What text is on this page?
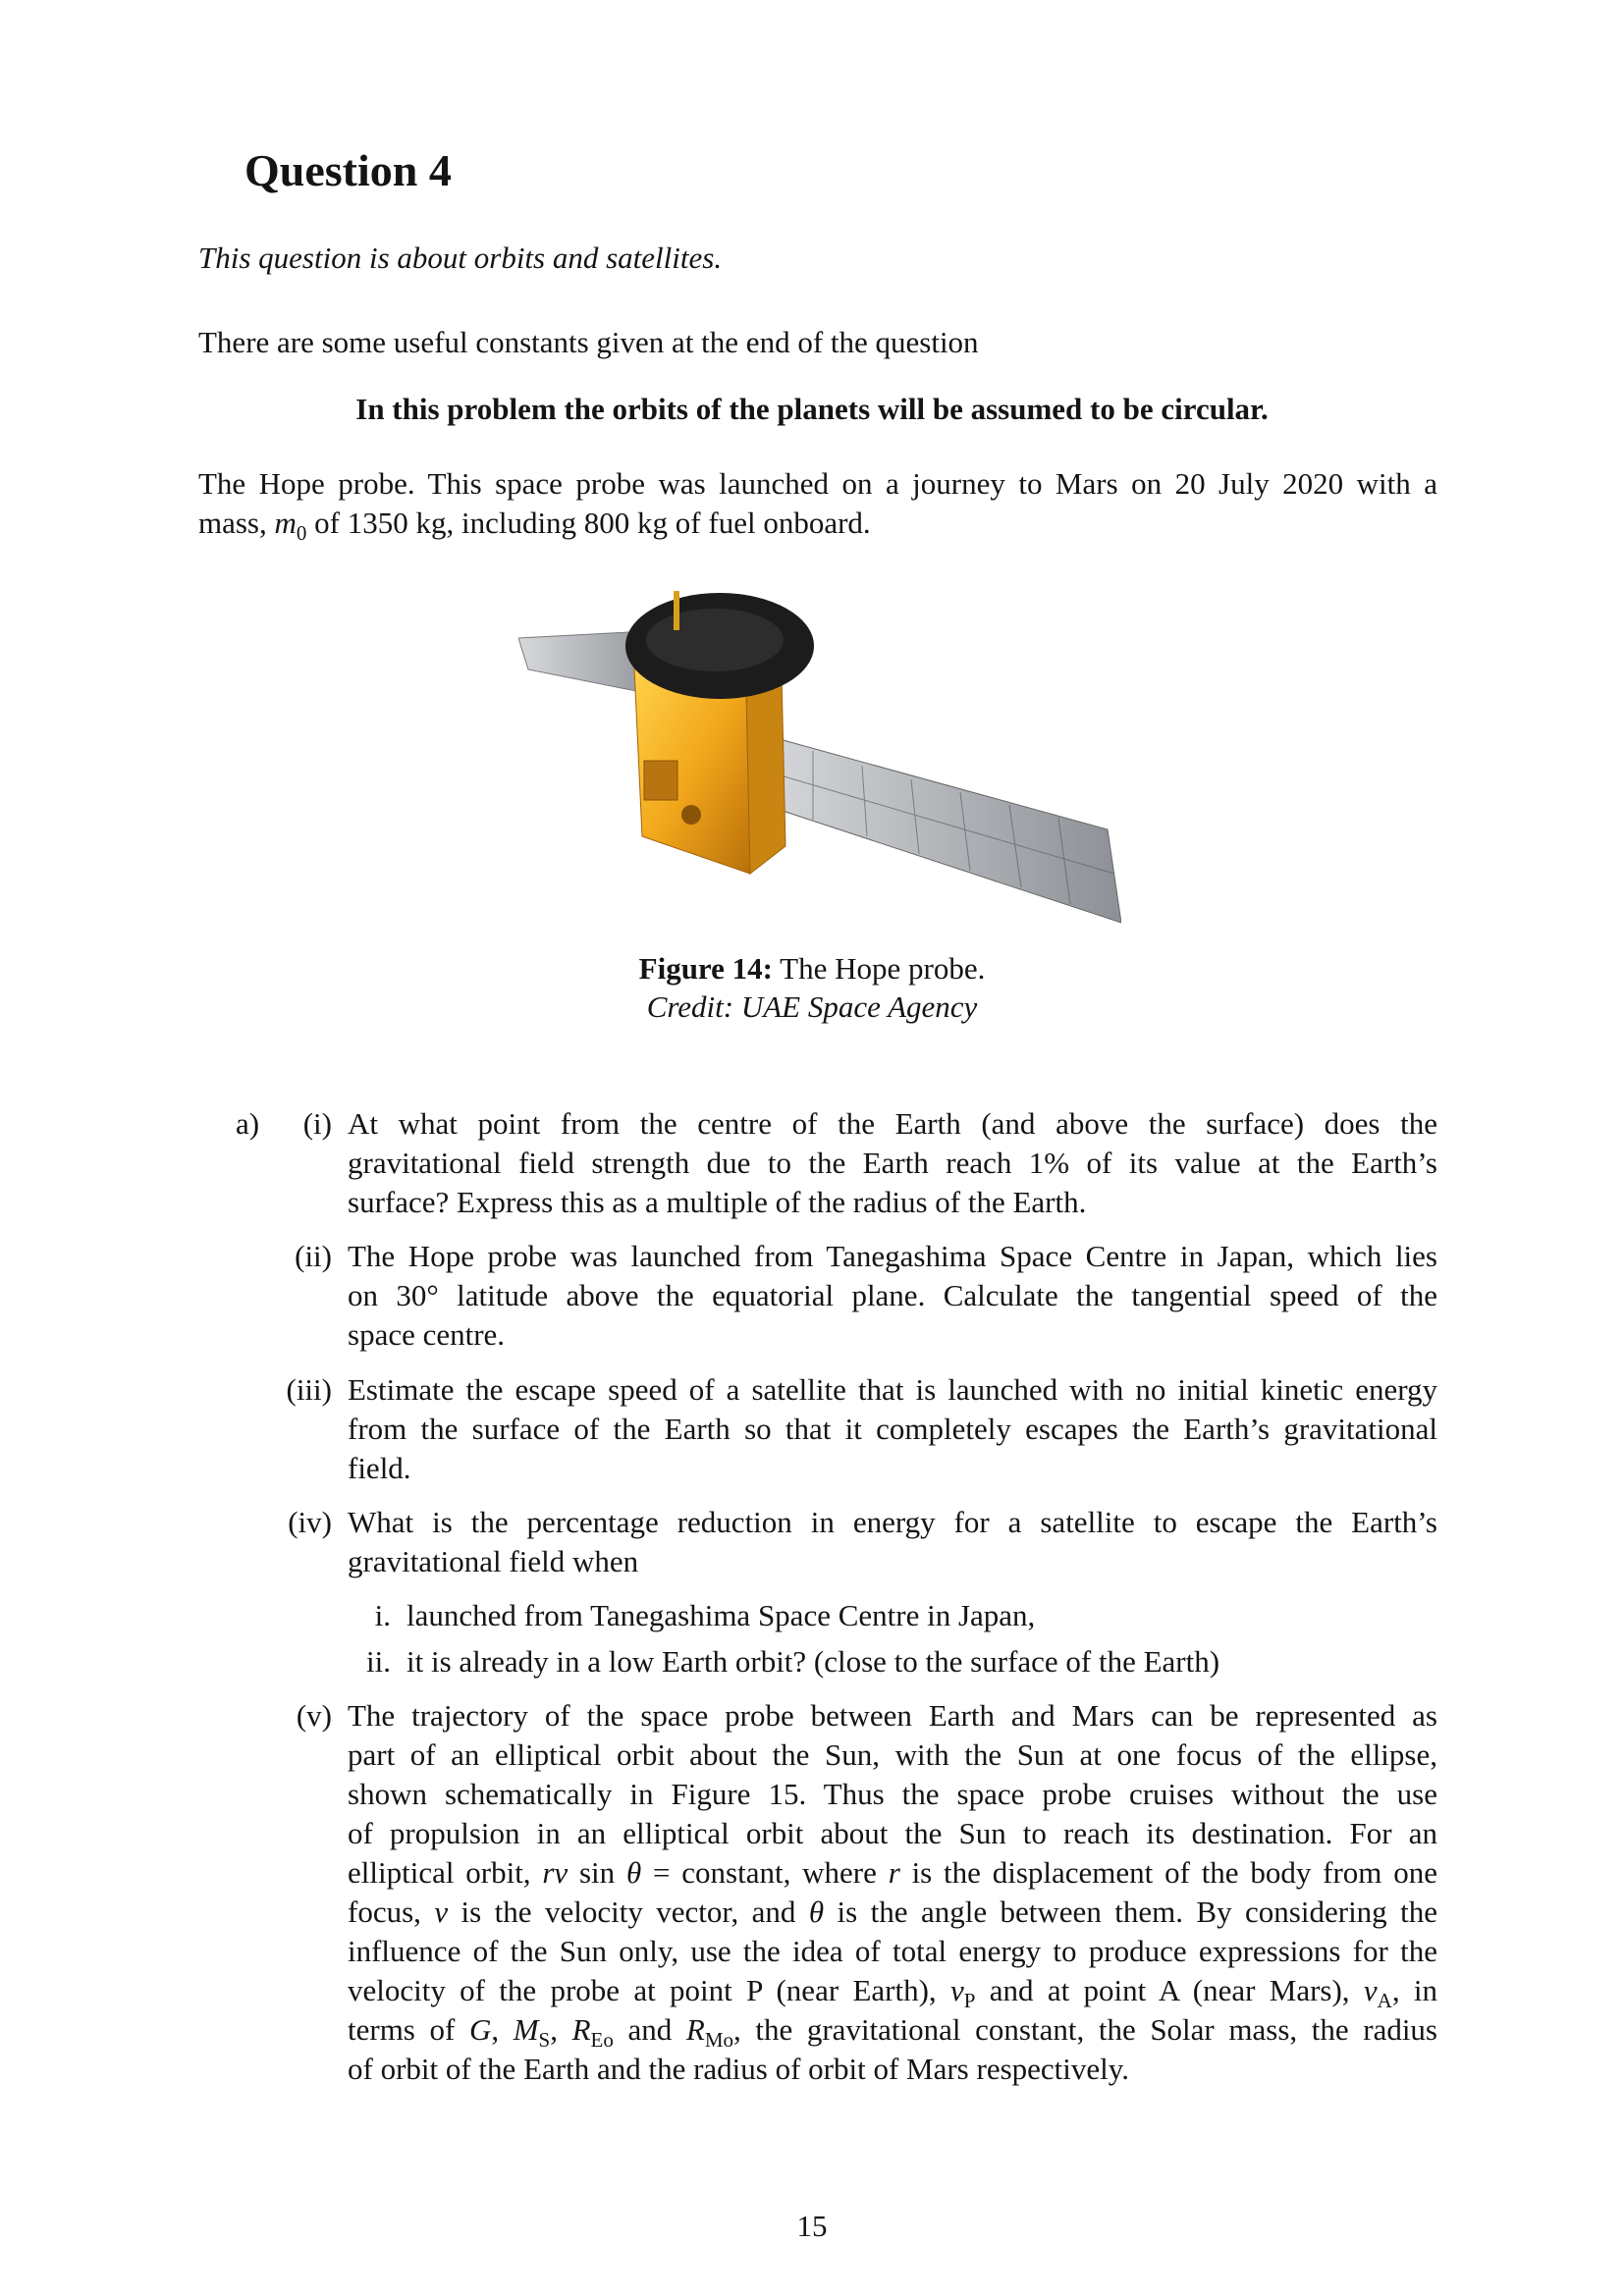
Question 4
This question is about orbits and satellites.
There are some useful constants given at the end of the question
In this problem the orbits of the planets will be assumed to be circular.
The Hope probe. This space probe was launched on a journey to Mars on 20 July 2020 with a
mass, $m_0$ of 1350 kg, including 800 kg of fuel onboard.
Figure 14: The Hope probe.
Credit: UAE Space Agency
a)	(i) At what point from the centre of the Earth (and above the surface) does the
gravitational field strength due to the Earth reach 1% of its value at the Earth’s
surface? Express this as a multiple of the radius of the Earth.
(ii) The Hope probe was launched from Tanegashima Space Centre in Japan, which lies
on 30° latitude above the equatorial plane. Calculate the tangential speed of the
space centre.
(iii) Estimate the escape speed of a satellite that is launched with no initial kinetic energy
from the surface of the Earth so that it completely escapes the Earth’s gravitational
field.
(iv) What is the percentage reduction in energy for a satellite to escape the Earth’s
gravitational field when
i. launched from Tanegashima Space Centre in Japan,
ii. it is already in a low Earth orbit? (close to the surface of the Earth)
(v) The trajectory of the space probe between Earth and Mars can be represented as
part of an elliptical orbit about the Sun, with the Sun at one focus of the ellipse,
shown schematically in Figure 15. Thus the space probe cruises without the use
of propulsion in an elliptical orbit about the Sun to reach its destination. For an
elliptical orbit, rv sin θ = constant, where r is the displacement of the body from one
focus, v is the velocity vector, and θ is the angle between them. By considering the
influence of the Sun only, use the idea of total energy to produce expressions for the
velocity of the probe at point P (near Earth), $v_P$ and at point A (near Mars), $v_A$, in
terms of G, $M_S$, $R_{Eo}$ and $R_{Mo}$, the gravitational constant, the Solar mass, the radius
of orbit of the Earth and the radius of orbit of Mars respectively.
15
